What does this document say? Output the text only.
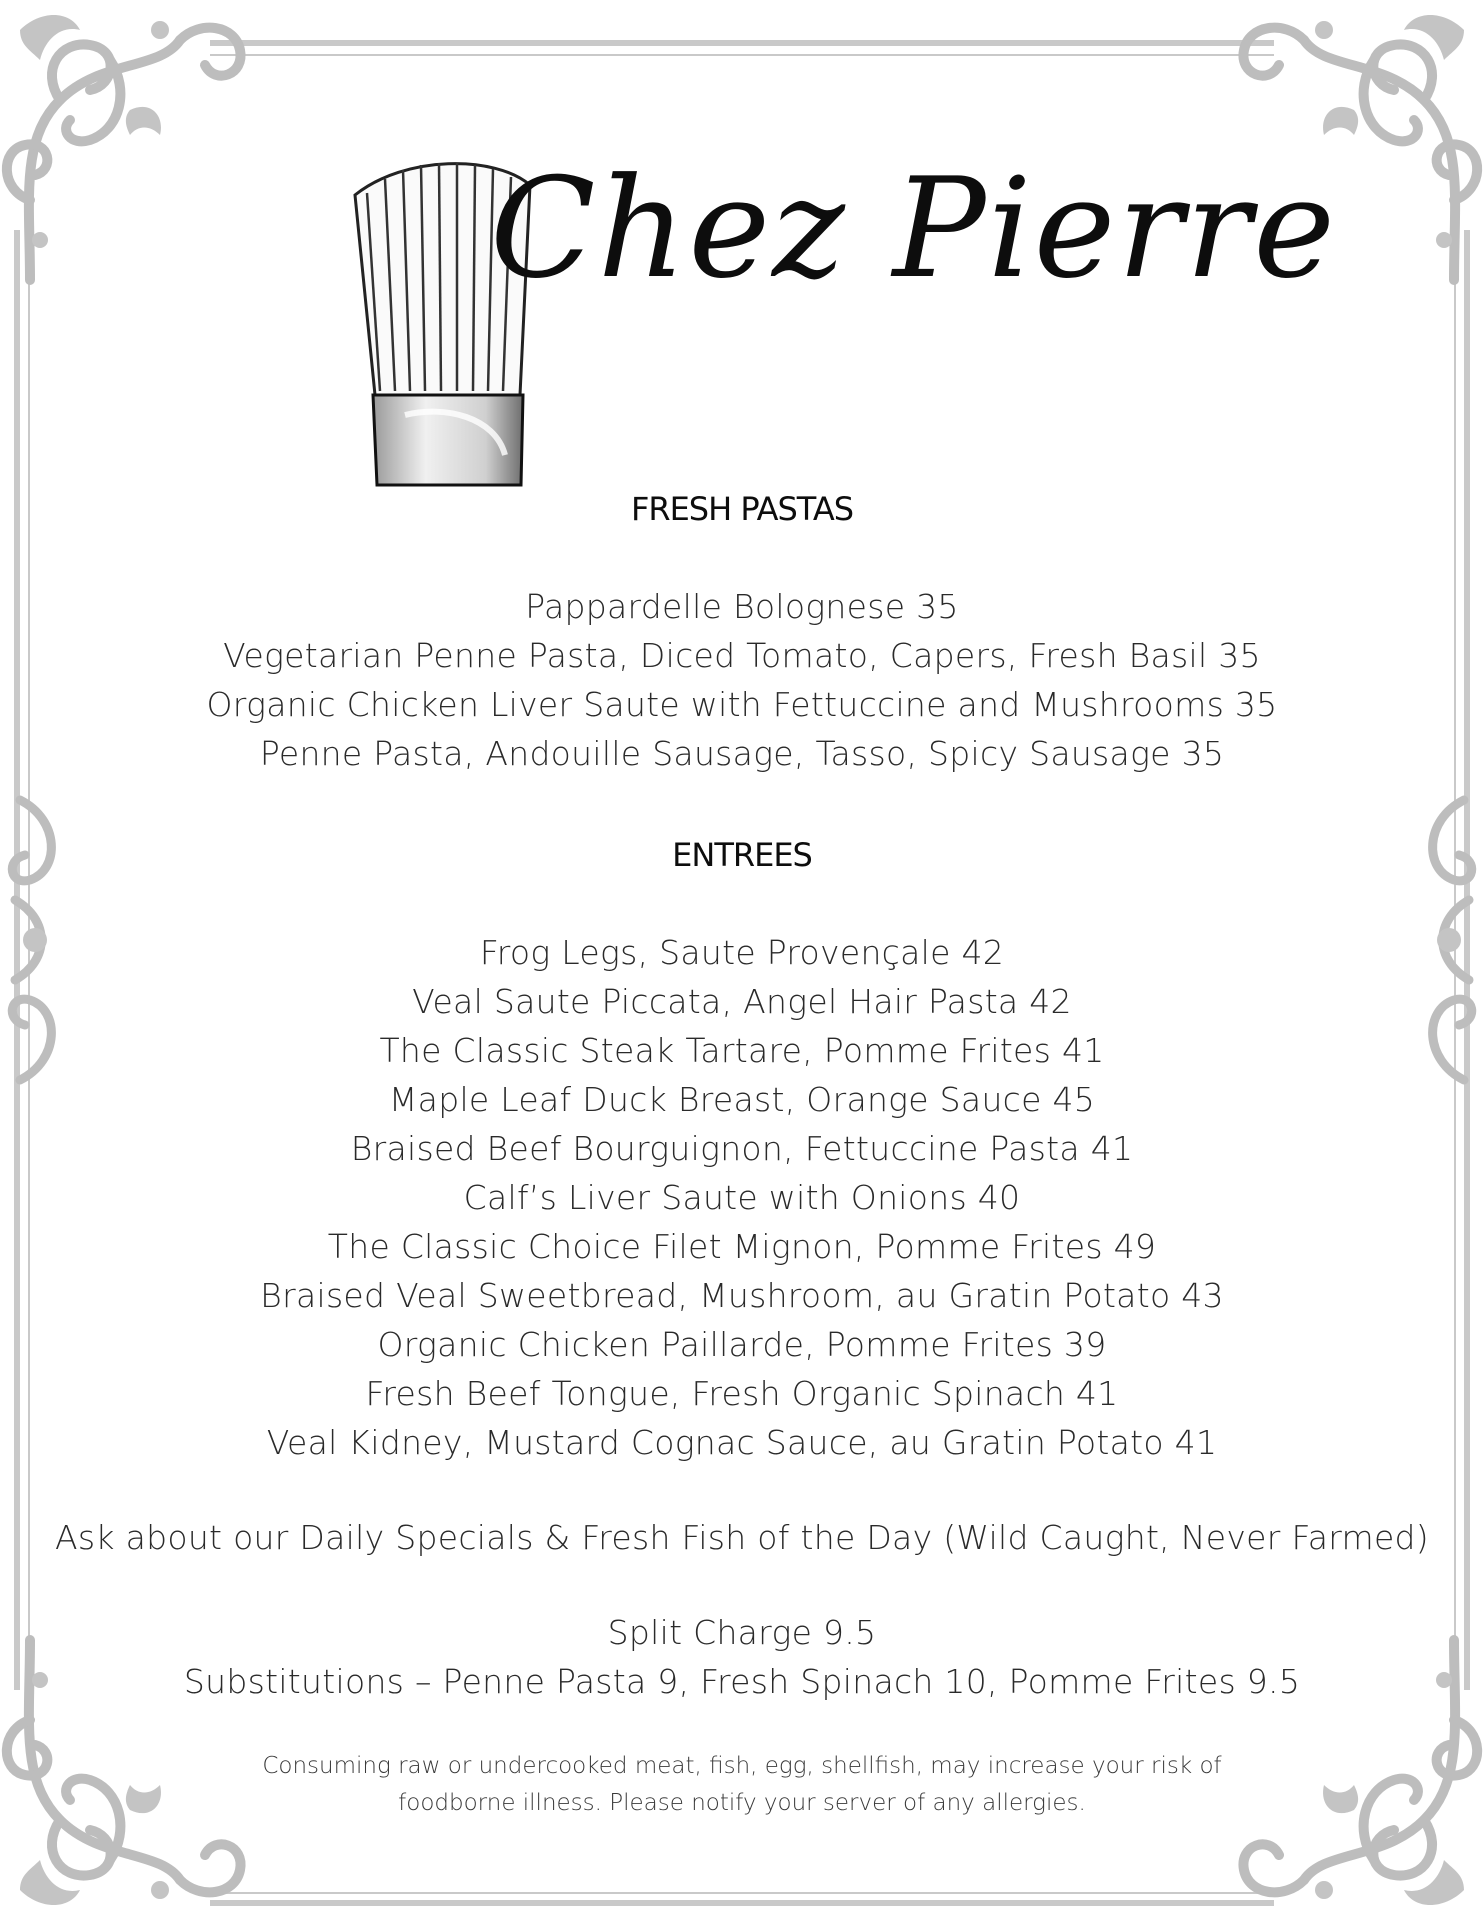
Chez Pierre
FRESH PASTAS
Pappardelle Bolognese 35
Vegetarian Penne Pasta, Diced Tomato, Capers, Fresh Basil 35
Organic Chicken Liver Saute with Fettuccine and Mushrooms 35
Penne Pasta, Andouille Sausage, Tasso, Spicy Sausage 35
ENTREES
Frog Legs, Saute Provençale 42
Veal Saute Piccata, Angel Hair Pasta 42
The Classic Steak Tartare, Pomme Frites 41
Maple Leaf Duck Breast, Orange Sauce 45
Braised Beef Bourguignon, Fettuccine Pasta 41
Calf’s Liver Saute with Onions 40
The Classic Choice Filet Mignon, Pomme Frites 49
Braised Veal Sweetbread, Mushroom, au Gratin Potato 43
Organic Chicken Paillarde, Pomme Frites 39
Fresh Beef Tongue, Fresh Organic Spinach 41
Veal Kidney, Mustard Cognac Sauce, au Gratin Potato 41
Ask about our Daily Specials & Fresh Fish of the Day (Wild Caught, Never Farmed)
Split Charge 9.5
Substitutions – Penne Pasta 9, Fresh Spinach 10, Pomme Frites 9.5
Consuming raw or undercooked meat, fish, egg, shellfish, may increase your risk of
foodborne illness. Please notify your server of any allergies.
